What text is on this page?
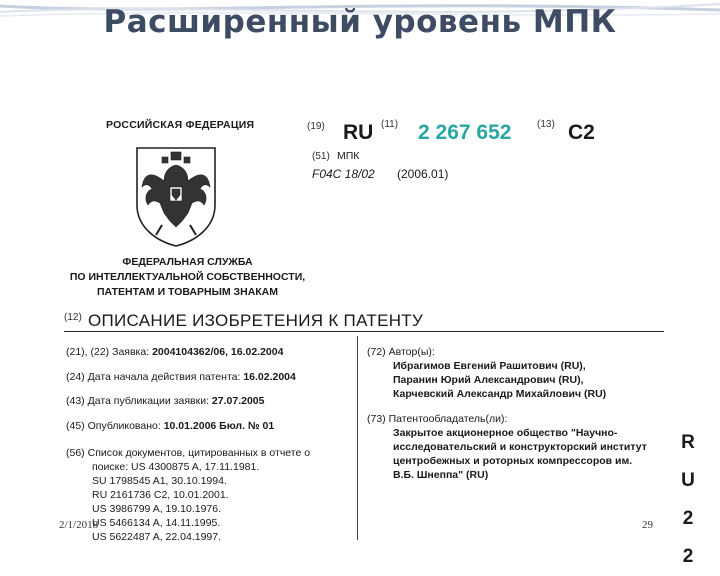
Расширенный уровень МПК
РОССИЙСКАЯ ФЕДЕРАЦИЯ
ФЕДЕРАЛЬНАЯ СЛУЖБА
ПО ИНТЕЛЛЕКТУАЛЬНОЙ СОБСТВЕННОСТИ,
ПАТЕНТАМ И ТОВАРНЫМ ЗНАКАМ
(19) RU (11) 2 267 652	(13) C2
(51) МПК
F04C 18/02 (2006.01)
(12) ОПИСАНИЕ ИЗОБРЕТЕНИЯ К ПАТЕНТУ
(21), (22) Заявка: 2004104362/06, 16.02.2004
(24) Дата начала действия патента: 16.02.2004
(43) Дата публикации заявки: 27.07.2005
(45) Опубликовано: 10.01.2006 Бюл. № 01
(56) Список документов, цитированных в отчете о
поиске: US 4300875 A, 17.11.1981.
SU 1798545 A1, 30.10.1994.
RU 2161736 C2, 10.01.2001.
US 3986799 A, 19.10.1976.
US 5466134 A, 14.11.1995.
US 5622487 A, 22.04.1997.
(72) Автор(ы):
Ибрагимов Евгений Рашитович (RU),
Паранин Юрий Александрович (RU),
Карчевский Александр Михайлович (RU)
(73) Патентообладатель(ли):
Закрытое акционерное общество "Научно-
исследовательский и конструкторский институт
центробежных и роторных компрессоров им.
В.Б. Шнеппа" (RU)
R
U
2
2
2/1/2018	29
